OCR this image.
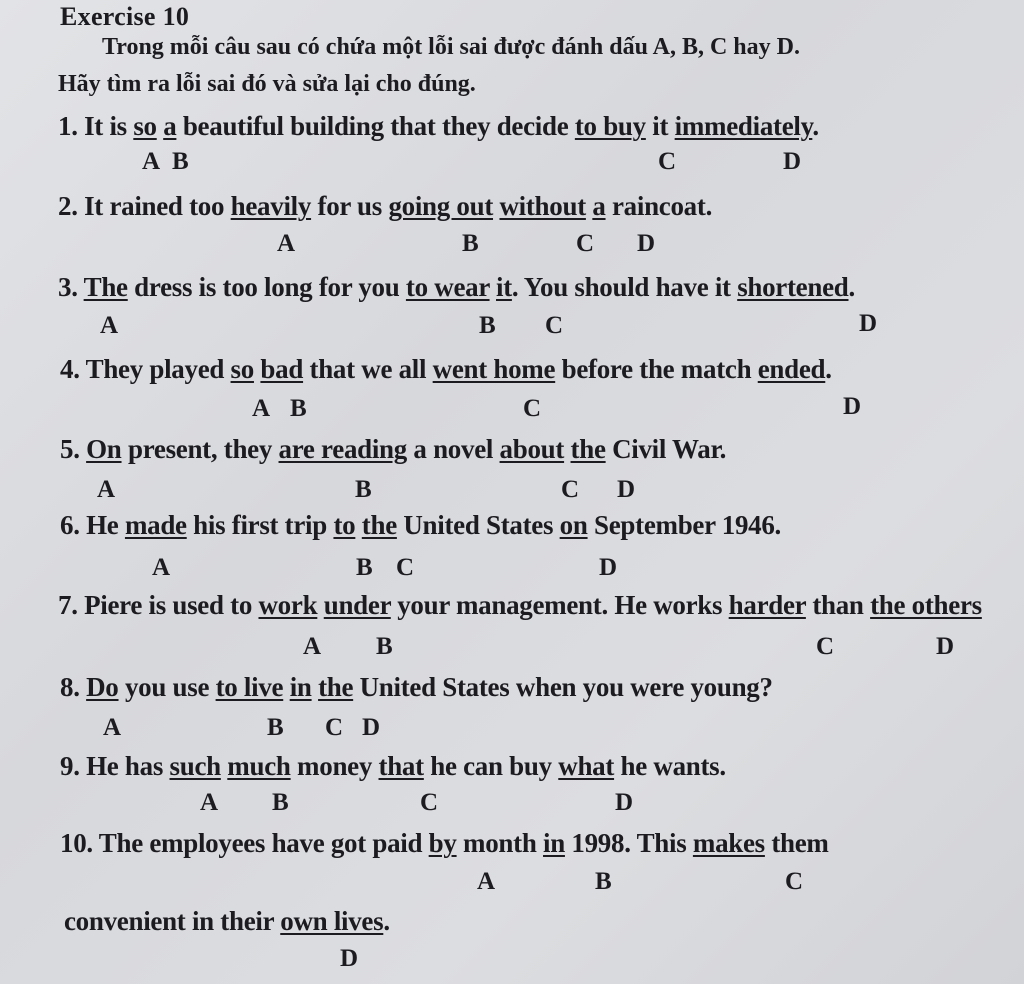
Exercise 10
Trong mỗi câu sau có chứa một lỗi sai được đánh dấu A, B, C hay D.
Hãy tìm ra lỗi sai đó và sửa lại cho đúng.
1. It is so a beautiful building that they decide to buy it immediately.
A B	C	D
2. It rained too heavily for us going out without a raincoat.
A	B	C D
3. The dress is too long for you to wear it. You should have it shortened.
A	B C	D
4. They played so bad that we all went home before the match ended.
A B	C	D
5. On present, they are reading a novel about the Civil War.
A	B	C D
6. He made his first trip to the United States on September 1946.
A	B C	D
7. Piere is used to work under your management. He works harder than the others
A B	C	D
8. Do you use to live in the United States when you were young?
A	B C D
9. He has such much money that he can buy what he wants.
A B	C	D
10. The employees have got paid by month in 1998. This makes them
A	B	C
convenient in their own lives.
D
